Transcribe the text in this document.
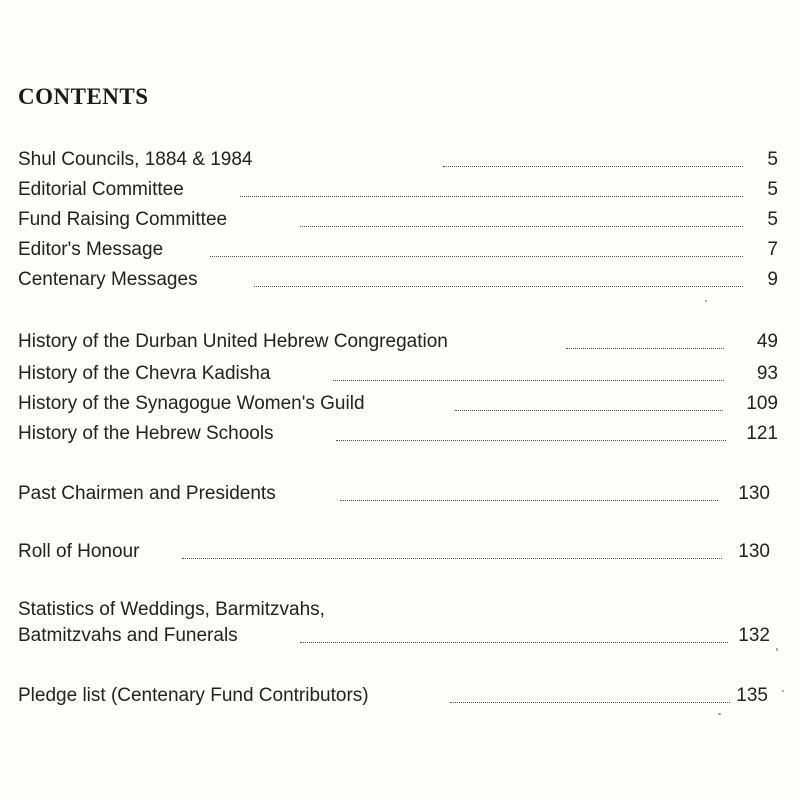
CONTENTS
Shul Councils, 1884 & 1984	5
Editorial Committee	5
Fund Raising Committee	5
Editor's Message	7
Centenary Messages	9
History of the Durban United Hebrew Congregation	49
History of the Chevra Kadisha	93
History of the Synagogue Women's Guild	109
History of the Hebrew Schools	121
Past Chairmen and Presidents	130
Roll of Honour	130
Statistics of Weddings, Barmitzvahs,
Batmitzvahs and Funerals	132
Pledge list (Centenary Fund Contributors)	135
